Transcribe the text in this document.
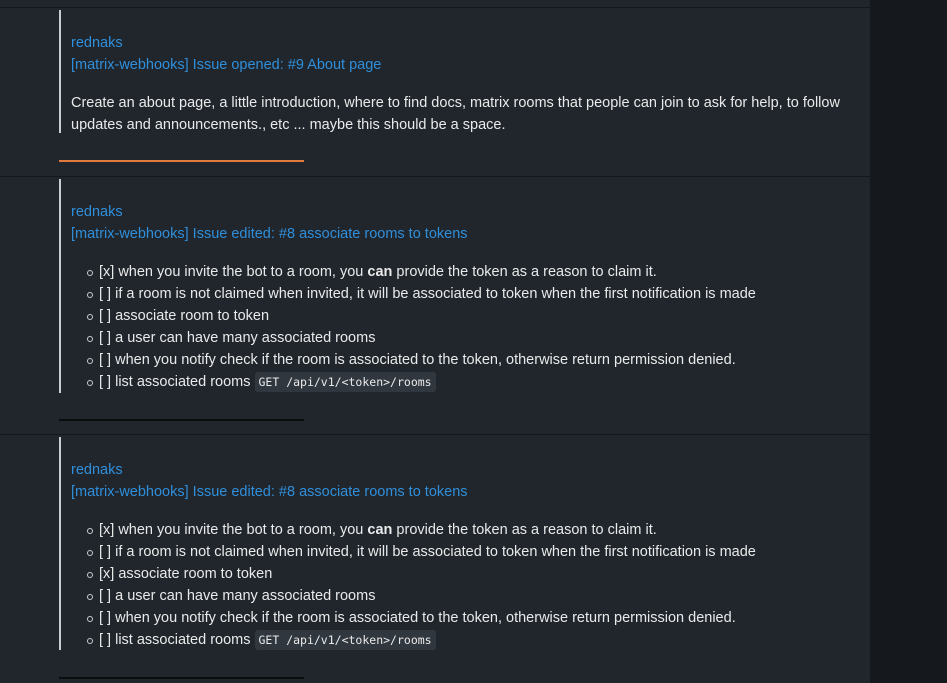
rednaks
[matrix-webhooks] Issue opened: #9 About page
Create an about page, a little introduction, where to find docs, matrix rooms that people can join to ask for help, to follow updates and announcements., etc ... maybe this should be a space.
rednaks
[matrix-webhooks] Issue edited: #8 associate rooms to tokens
[x] when you invite the bot to a room, you can provide the token as a reason to claim it.
[ ] if a room is not claimed when invited, it will be associated to token when the first notification is made
[ ] associate room to token
[ ] a user can have many associated rooms
[ ] when you notify check if the room is associated to the token, otherwise return permission denied.
[ ] list associated rooms GET /api/v1/<token>/rooms
rednaks
[matrix-webhooks] Issue edited: #8 associate rooms to tokens
[x] when you invite the bot to a room, you can provide the token as a reason to claim it.
[ ] if a room is not claimed when invited, it will be associated to token when the first notification is made
[x] associate room to token
[ ] a user can have many associated rooms
[ ] when you notify check if the room is associated to the token, otherwise return permission denied.
[ ] list associated rooms GET /api/v1/<token>/rooms
